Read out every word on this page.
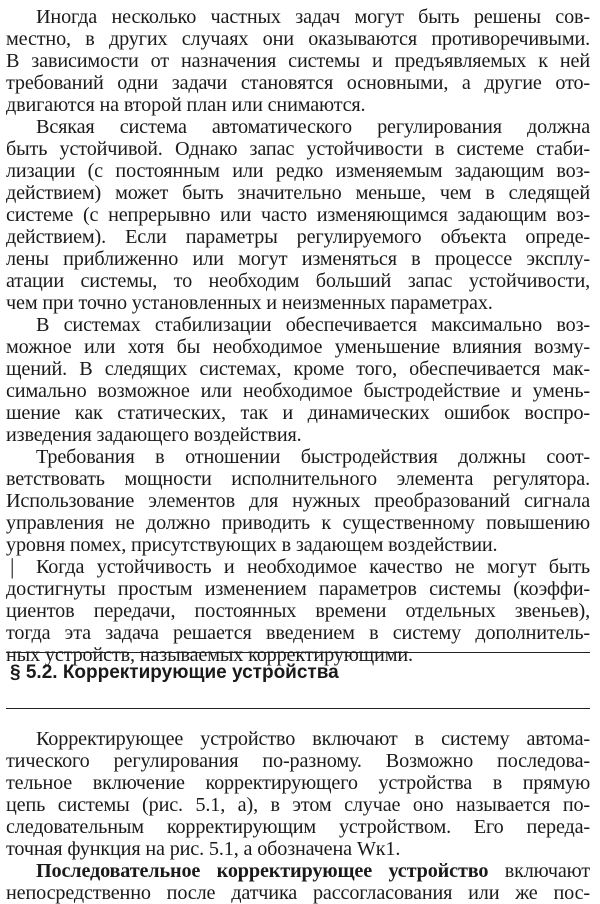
Иногда несколько частных задач могут быть решены сов-
местно, в других случаях они оказываются противоречивыми.
В зависимости от назначения системы и предъявляемых к ней
требований одни задачи становятся основными, а другие ото-
двигаются на второй план или снимаются.
Всякая система автоматического регулирования должна
быть устойчивой. Однако запас устойчивости в системе стаби-
лизации (с постоянным или редко изменяемым задающим воз-
действием) может быть значительно меньше, чем в следящей
системе (с непрерывно или часто изменяющимся задающим воз-
действием). Если параметры регулируемого объекта опреде-
лены приближенно или могут изменяться в процессе эксплу-
атации системы, то необходим больший запас устойчивости,
чем при точно установленных и неизменных параметрах.
В системах стабилизации обеспечивается максимально воз-
можное или хотя бы необходимое уменьшение влияния возму-
щений. В следящих системах, кроме того, обеспечивается мак-
симально возможное или необходимое быстродействие и умень-
шение как статических, так и динамических ошибок воспро-
изведения задающего воздействия.
Требования в отношении быстродействия должны соот-
ветствовать мощности исполнительного элемента регулятора.
Использование элементов для нужных преобразований сигнала
управления не должно приводить к существенному повышению
уровня помех, присутствующих в задающем воздействии.
| Когда устойчивость и необходимое качество не могут быть
достигнуты простым изменением параметров системы (коэффи-
циентов передачи, постоянных времени отдельных звеньев),
тогда эта задача решается введением в систему дополнитель-
ных устройств, называемых корректирующими.
§ 5.2. Корректирующие устройства
Корректирующее устройство включают в систему автома-
тического регулирования по-разному. Возможно последова-
тельное включение корректирующего устройства в прямую
цепь системы (рис. 5.1, а), в этом случае оно называется по-
следовательным корректирующим устройством. Его переда-
точная функция на рис. 5.1, а обозначена Wк1.
Последовательное корректирующее устройство включают
непосредственно после датчика рассогласования или же пос-
